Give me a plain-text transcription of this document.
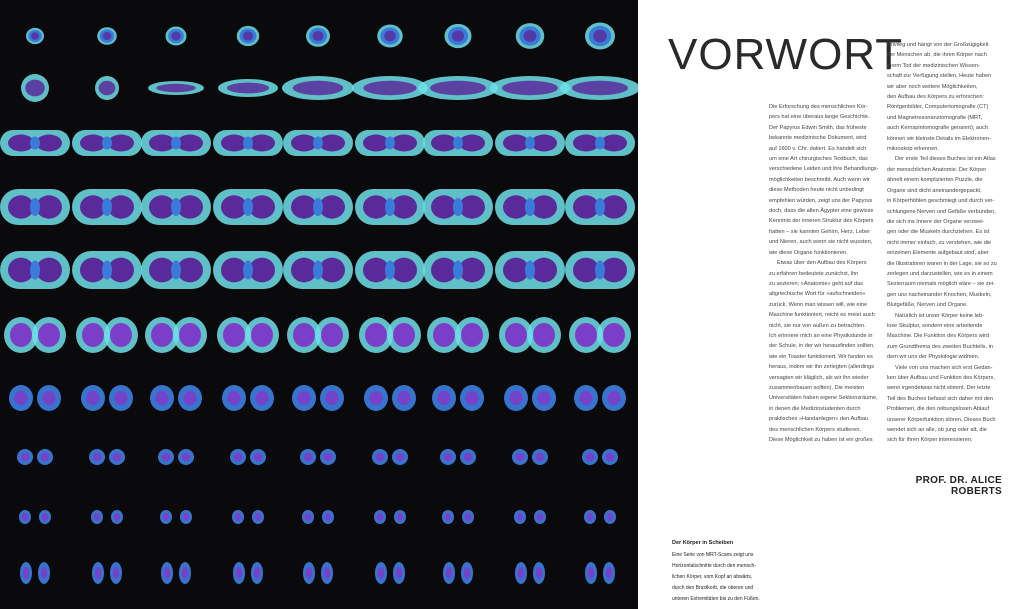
Der Körper in Scheiben

Eine Serie von MRT-Scans zeigt uns

Horizontalschnitte durch den mensch-

lichen Körper, vom Kopf an abwärts,

durch den Brustkorb, die oberen und

unteren Extremitäten bis zu den Füßen.

VORWORT

Die Erforschung des menschlichen Kör-

pers hat eine überaus lange Geschichte.

Der Papyrus Edwin Smith, das früheste

bekannte medizinische Dokument, wird

auf 1600 v. Chr. datiert. Es handelt sich

um eine Art chirurgisches Textbuch, das

verschiedene Leiden und ihre Behandlungs-

möglichkeiten beschreibt. Auch wenn wir

diese Methoden heute nicht unbedingt

empfehlen würden, zeigt uns der Papyrus

doch, dass die alten Ägypter eine gewisse

Kenntnis der inneren Struktur des Körpers

hatten – sie kannten Gehirn, Herz, Leber

und Nieren, auch wenn sie nicht wussten,

wie diese Organe funktionieren.

Etwas über den Aufbau des Körpers

zu erfahren bedeutete zunächst, ihn

zu sezieren; »Anatomie« geht auf das

altgriechische Wort für »aufschneiden«

zurück. Wenn man wissen will, wie eine

Maschine funktioniert, reicht es meist auch

nicht, sie nur von außen zu betrachten.

Ich erinnere mich an eine Physikstunde in

der Schule, in der wir herausfinden sollten,

wie ein Toaster funktioniert. Wir fanden es

heraus, indem wir ihn zerlegten (allerdings

versagten wir kläglich, als wir ihn wieder

zusammenbauen sollten). Die meisten

Universitäten haben eigene Sektionsräume,

in denen die Medizinstudenten durch

praktisches »Handanlegen« den Aufbau

des menschlichen Körpers studieren.

Diese Möglichkeit zu haben ist ein großes

Privileg und hängt von der Großzügigkeit

der Menschen ab, die ihren Körper nach

ihrem Tod der medizinischen Wissen-

schaft zur Verfügung stellen. Heute haben

wir aber noch weitere Möglichkeiten,

den Aufbau des Körpers zu erforschen:

Röntgenbilder, Computertomografie (CT)

und Magnetresonanztomografie (MRT,

auch Kernspintomografie genannt); auch

können wir kleinste Details im Elektronen-

mikroskop erkennen.

Der erste Teil dieses Buches ist ein Atlas

der menschlichen Anatomie. Der Körper

ähnelt einem komplizierten Puzzle, die

Organe sind dicht aneinandergepackt,

in Körperhöhlen geschmiegt und durch ver-

schlungene Nerven und Gefäße verbunden,

die sich ins Innere der Organe verzwei-

gen oder die Muskeln durchziehen. Es ist

nicht immer einfach, zu verstehen, wie die

einzelnen Elemente aufgebaut sind, aber

die Illustratoren waren in der Lage, sie so zu

zerlegen und darzustellen, wie es in einem

Sezierraum niemals möglich wäre – sie zei-

gen uns nacheinander Knochen, Muskeln,

Blutgefäße, Nerven und Organe.

Natürlich ist unser Körper keine leb-

lose Skulptur, sondern eine arbeitende

Maschine. Die Funktion des Körpers wird

zum Grundthema des zweiten Buchteils, in

dem wir uns der Physiologie widmen.

Viele von uns machen sich erst Gedan-

ken über Aufbau und Funktion des Körpers,

wenn irgendetwas nicht stimmt. Der letzte

Teil des Buches befasst sich daher mit den

Problemen, die den reibungslosen Ablauf

unserer Körperfunktion stören. Dieses Buch

wendet sich an alle, ob jung oder alt, die

sich für ihren Körper interessieren.

PROF. DR. ALICE ROBERTS
